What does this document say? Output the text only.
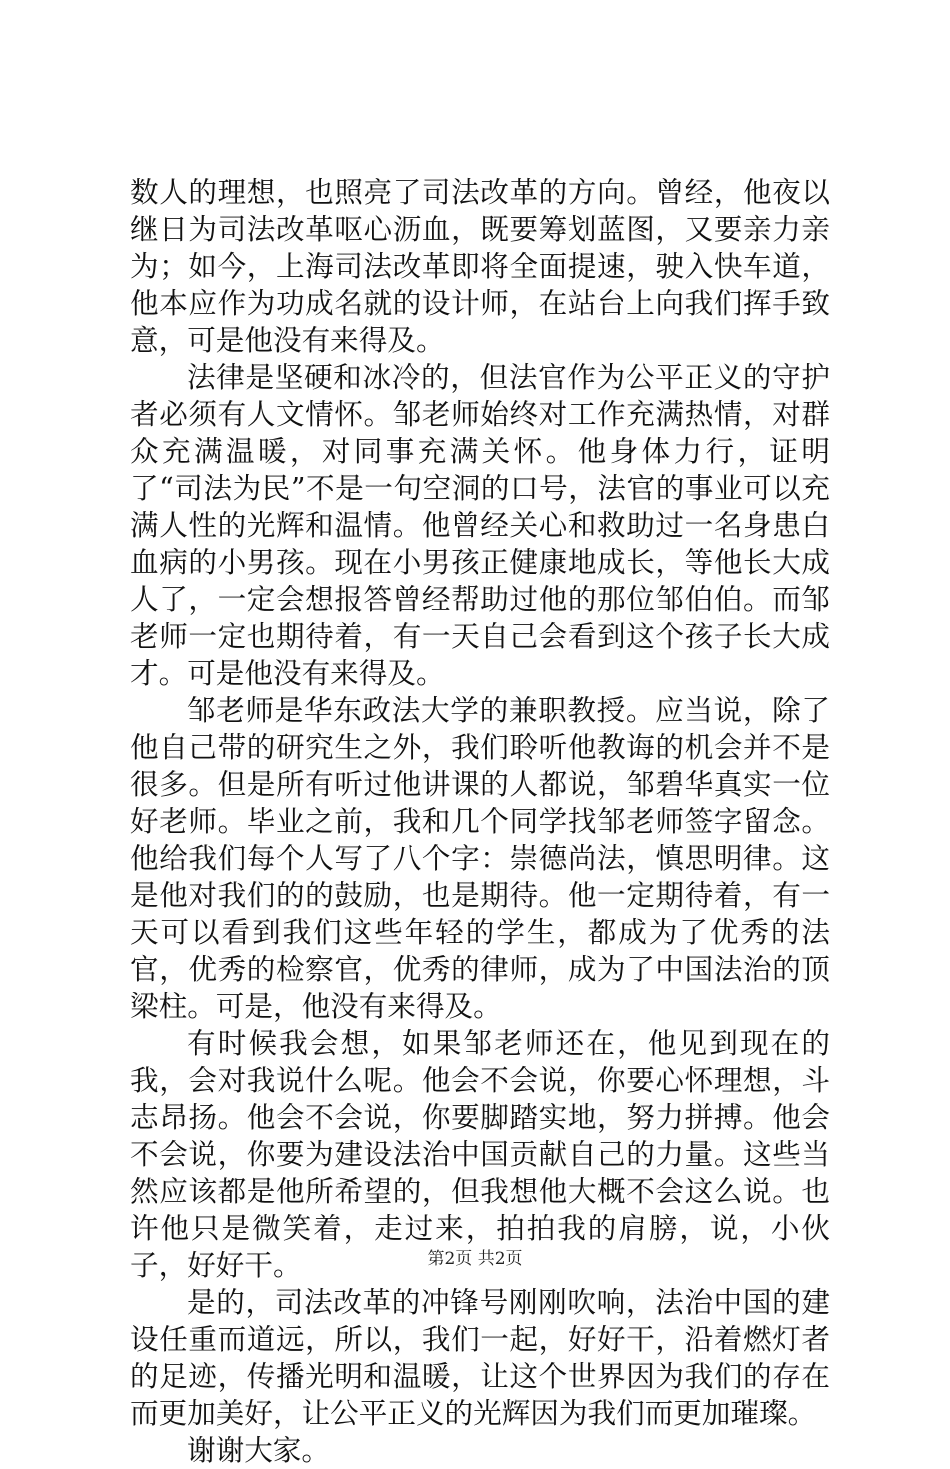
数人的理想，也照亮了司法改革的方向。曾经，他夜以继日为司法改革呕心沥血，既要筹划蓝图，又要亲力亲为；如今，上海司法改革即将全面提速，驶入快车道，他本应作为功成名就的设计师，在站台上向我们挥手致意，可是他没有来得及。

法律是坚硬和冰冷的，但法官作为公平正义的守护者必须有人文情怀。邹老师始终对工作充满热情，对群众充满温暖，对同事充满关怀。他身体力行，证明了“司法为民”不是一句空洞的口号，法官的事业可以充满人性的光辉和温情。他曾经关心和救助过一名身患白血病的小男孩。现在小男孩正健康地成长，等他长大成人了，一定会想报答曾经帮助过他的那位邹伯伯。而邹老师一定也期待着，有一天自己会看到这个孩子长大成才。可是他没有来得及。

邹老师是华东政法大学的兼职教授。应当说，除了他自己带的研究生之外，我们聆听他教诲的机会并不是很多。但是所有听过他讲课的人都说，邹碧华真实一位好老师。毕业之前，我和几个同学找邹老师签字留念。他给我们每个人写了八个字：崇德尚法，慎思明律。这是他对我们的的鼓励，也是期待。他一定期待着，有一天可以看到我们这些年轻的学生，都成为了优秀的法官，优秀的检察官，优秀的律师，成为了中国法治的顶梁柱。可是，他没有来得及。

有时候我会想，如果邹老师还在，他见到现在的我，会对我说什么呢。他会不会说，你要心怀理想，斗志昂扬。他会不会说，你要脚踏实地，努力拼搏。他会不会说，你要为建设法治中国贡献自己的力量。这些当然应该都是他所希望的，但我想他大概不会这么说。也许他只是微笑着，走过来，拍拍我的肩膀，说，小伙子，好好干。

是的，司法改革的冲锋号刚刚吹响，法治中国的建设任重而道远，所以，我们一起，好好干，沿着燃灯者的足迹，传播光明和温暖，让这个世界因为我们的存在而更加美好，让公平正义的光辉因为我们而更加璀璨。

谢谢大家。

第2页 共2页
